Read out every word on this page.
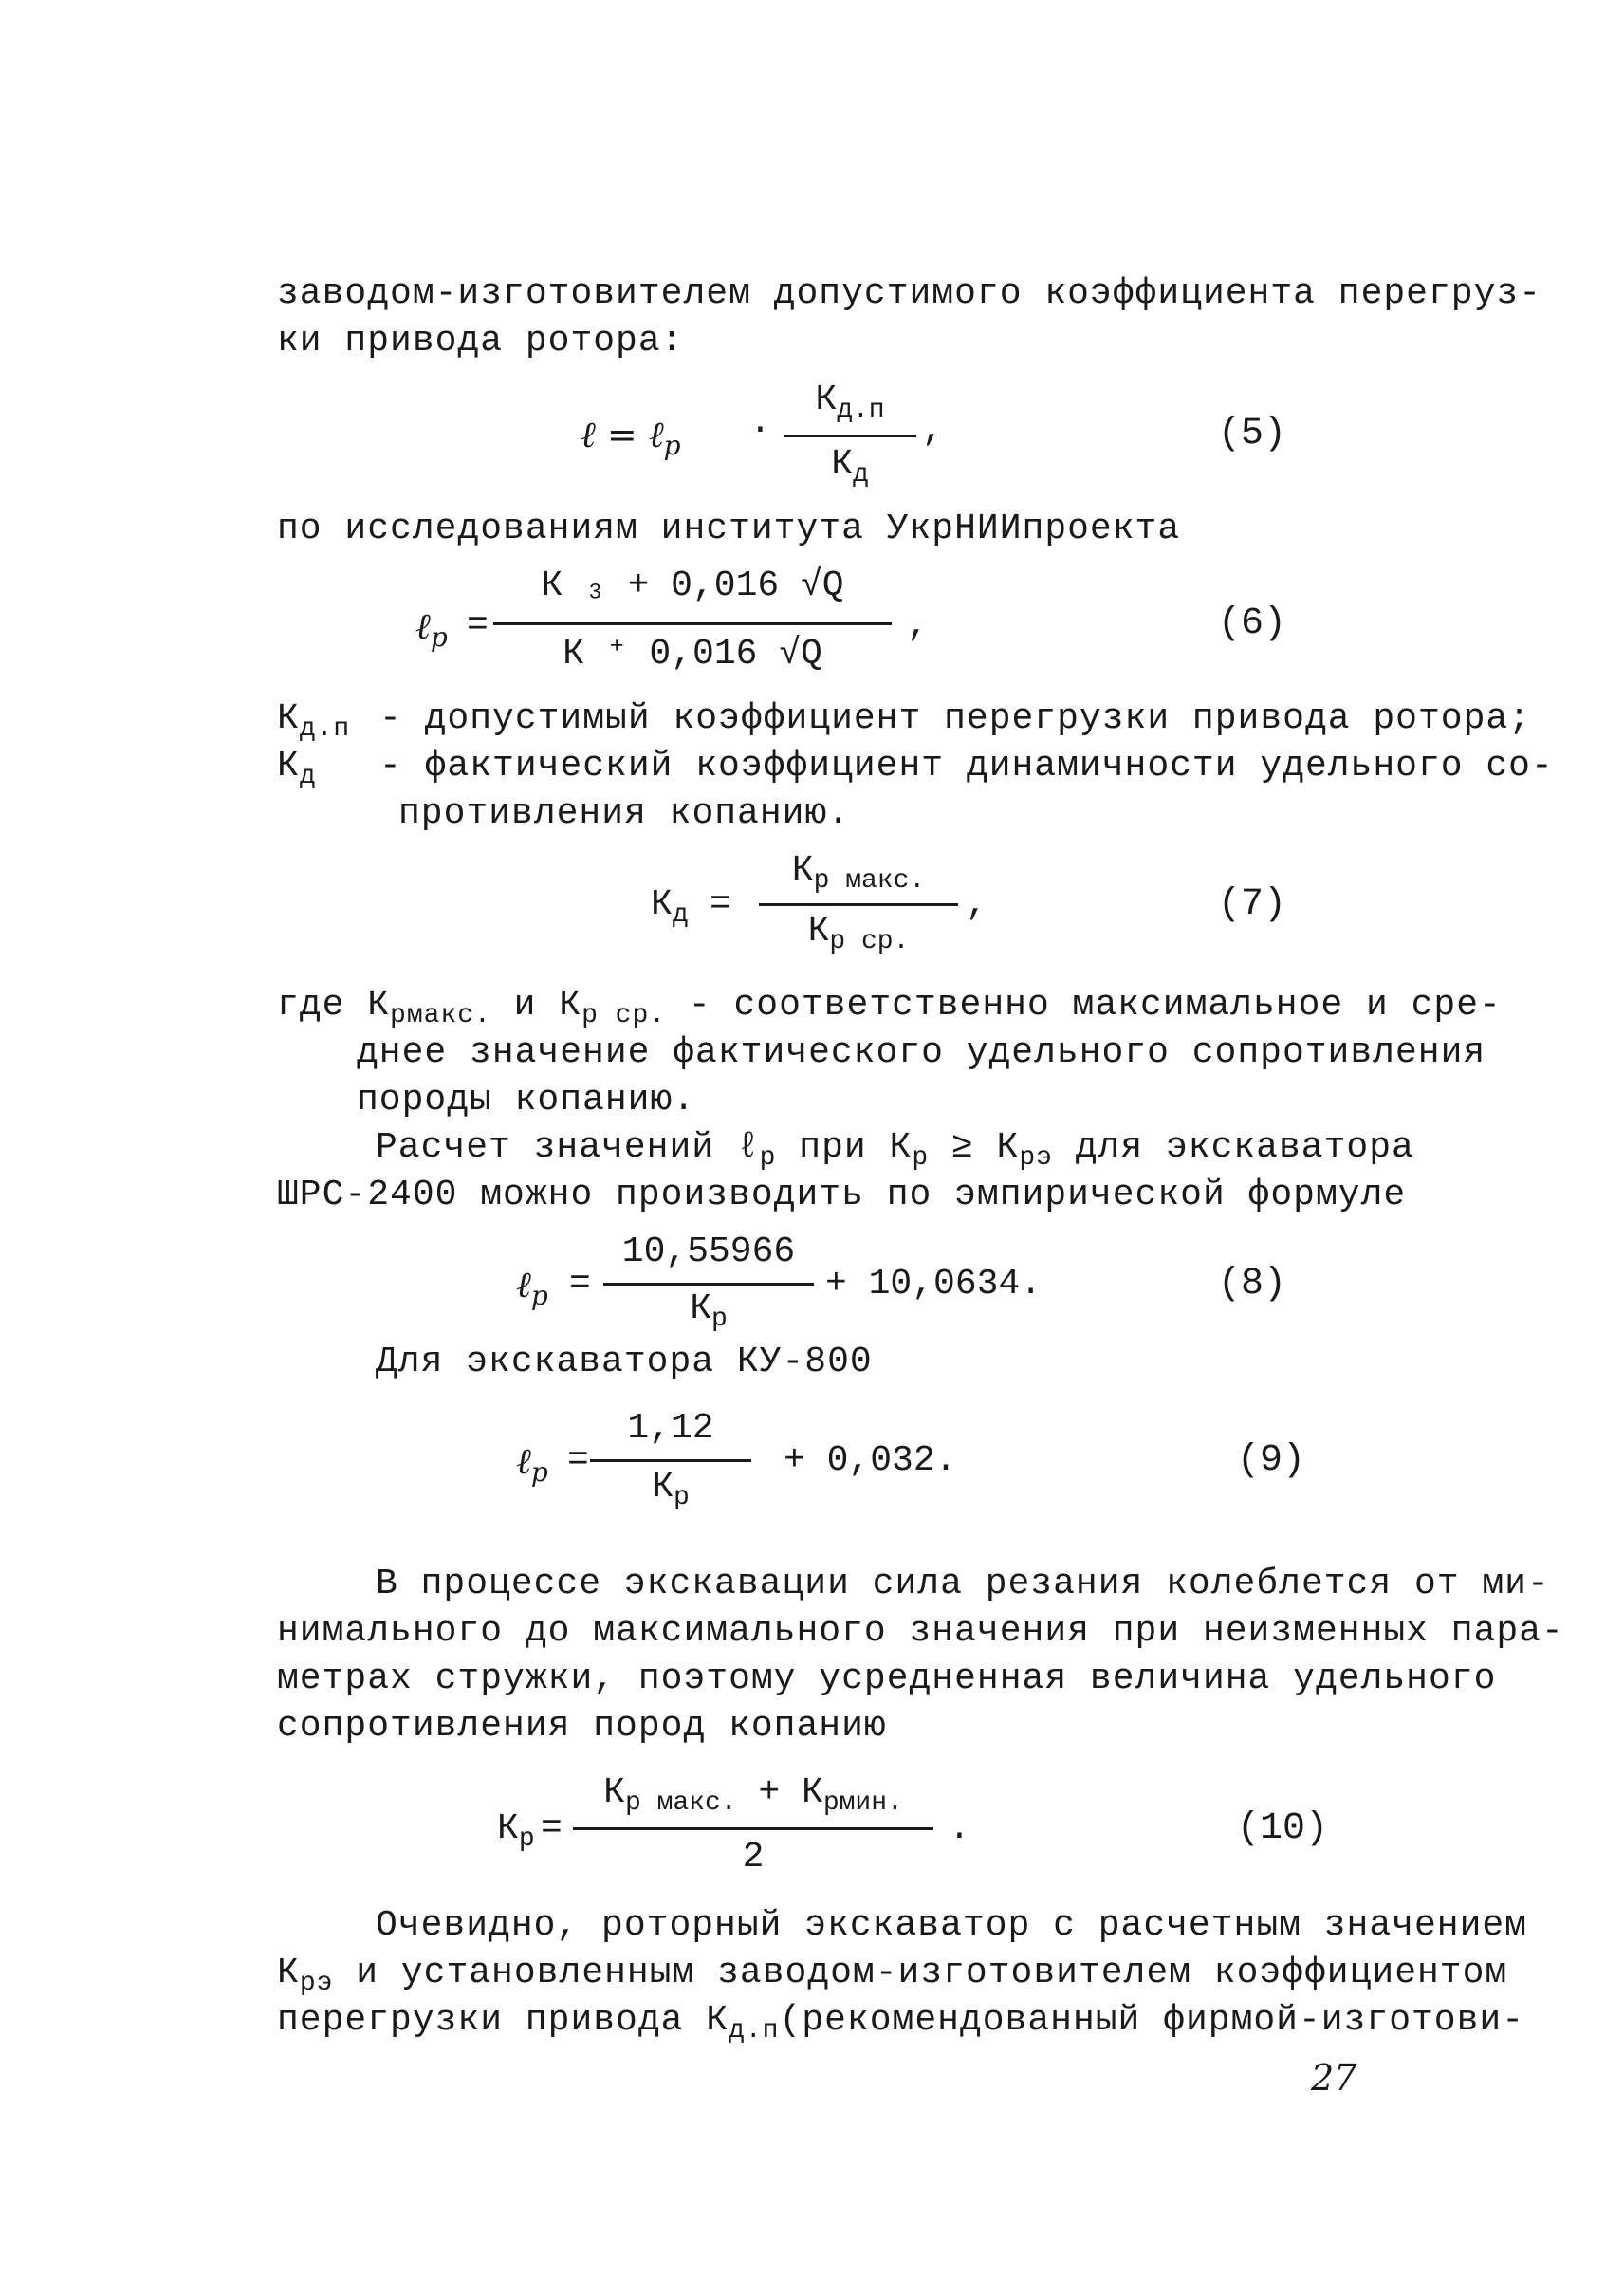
заводом-изготовителем допустимого коэффициента перегруз-
ки привода ротора:
ℓ = ℓ$_р$ ·
$К_{д.п}$
$К_д$
,	(5)
по исследованиям института УкрНИИпроекта
ℓ$_р$ =
К ₃ + 0,016 √Q
К ⁺ 0,016 √Q
,	(6)
$К_{д.п}$ - допустимый коэффициент перегрузки привода ротора;
$К_д$ - фактический коэффициент динамичности удельного со-
противления копанию.
$К_д$ =
$К_{р макс.}$
$К_{р ср.}$
,	(7)
где $К_{рмакс.}$ и $К_{р ср.}$ - соответственно максимальное и сре-
днее значение фактического удельного сопротивления
породы копанию.
Расчет значений ℓ$_р$ при $К_р \ge К_{рэ}$ для экскаватора
ШРС-2400 можно производить по эмпирической формуле
ℓ$_р$ =
10,55966
$К_р$
+ 10,0634.	(8)
Для экскаватора КУ-800
ℓ$_р$ =
1,12
$К_р$
+ 0,032.	(9)
В процессе экскавации сила резания колеблется от ми-
нимального до максимального значения при неизменных пара-
метрах стружки, поэтому усредненная величина удельного
сопротивления пород копанию
$К_р$ =
$К_{р макс.} + К_{рмин.}$
2
.	(10)
Очевидно, роторный экскаватор с расчетным значением
$К_{рэ}$ и установленным заводом-изготовителем коэффициентом
перегрузки привода $К_{д.п}(рекомендованный$ фирмой-изготови-
27
